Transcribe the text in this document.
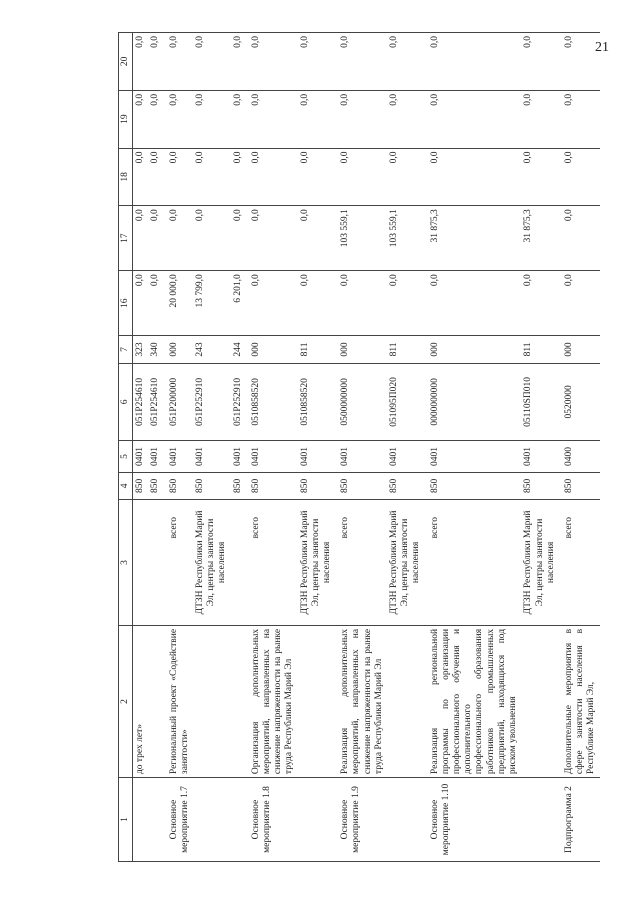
21
1	2	3	4	5	6	7	16	17	18	19	20
	до трех лет»		850	0401	051P254610	323	0,0	0,0	0,0	0,0	0,0
			850	0401	051P254610	340	0,0	0,0	0,0	0,0	0,0
Основное мероприятие 1.7	Региональный проект «Содействие занятости»	всего	850	0401	051P200000	000	20 000,0	0,0	0,0	0,0	0,0
		ДТЗН Республики Марий Эл, центры занятости населения	850	0401	051P252910	243	13 799,0	0,0	0,0	0,0	0,0
			850	0401	051P252910	244	6 201,0	0,0	0,0	0,0	0,0
Основное мероприятие 1.8	Организация дополнительных мероприятий, направленных на снижение напряженности на рынке труда Республики Марий Эл	всего	850	0401	0510858520	000	0,0	0,0	0,0	0,0	0,0
		ДТЗН Республики Марий Эл, центры занятости населения	850	0401	0510858520	811	0,0	0,0	0,0	0,0	0,0
Основное мероприятие 1.9	Реализация дополнительных мероприятий, направленных на снижение напряженности на рынке труда Республики Марий Эл	всего	850	0401	0500000000	000	0,0	103 559,1	0,0	0,0	0,0
		ДТЗН Республики Марий Эл, центры занятости населения	850	0401	051095П020	811	0,0	103 559,1	0,0	0,0	0,0
Основное мероприятие 1.10	Реализация региональной программы по организации профессионального обучения и дополнительного профессионального образования работников промышленных предприятий, находящихся под риском увольнения	всего	850	0401	0000000000	000	0,0	31 875,3	0,0	0,0	0,0
		ДТЗН Республики Марий Эл, центры занятости населения	850	0401	05110SП010	811	0,0	31 875,3	0,0	0,0	0,0
Подпрограмма 2	Дополнительные мероприятия в сфере занятости населения в Республике Марий Эл,	всего	850	0400	0520000	000	0,0	0,0	0,0	0,0	0,0
